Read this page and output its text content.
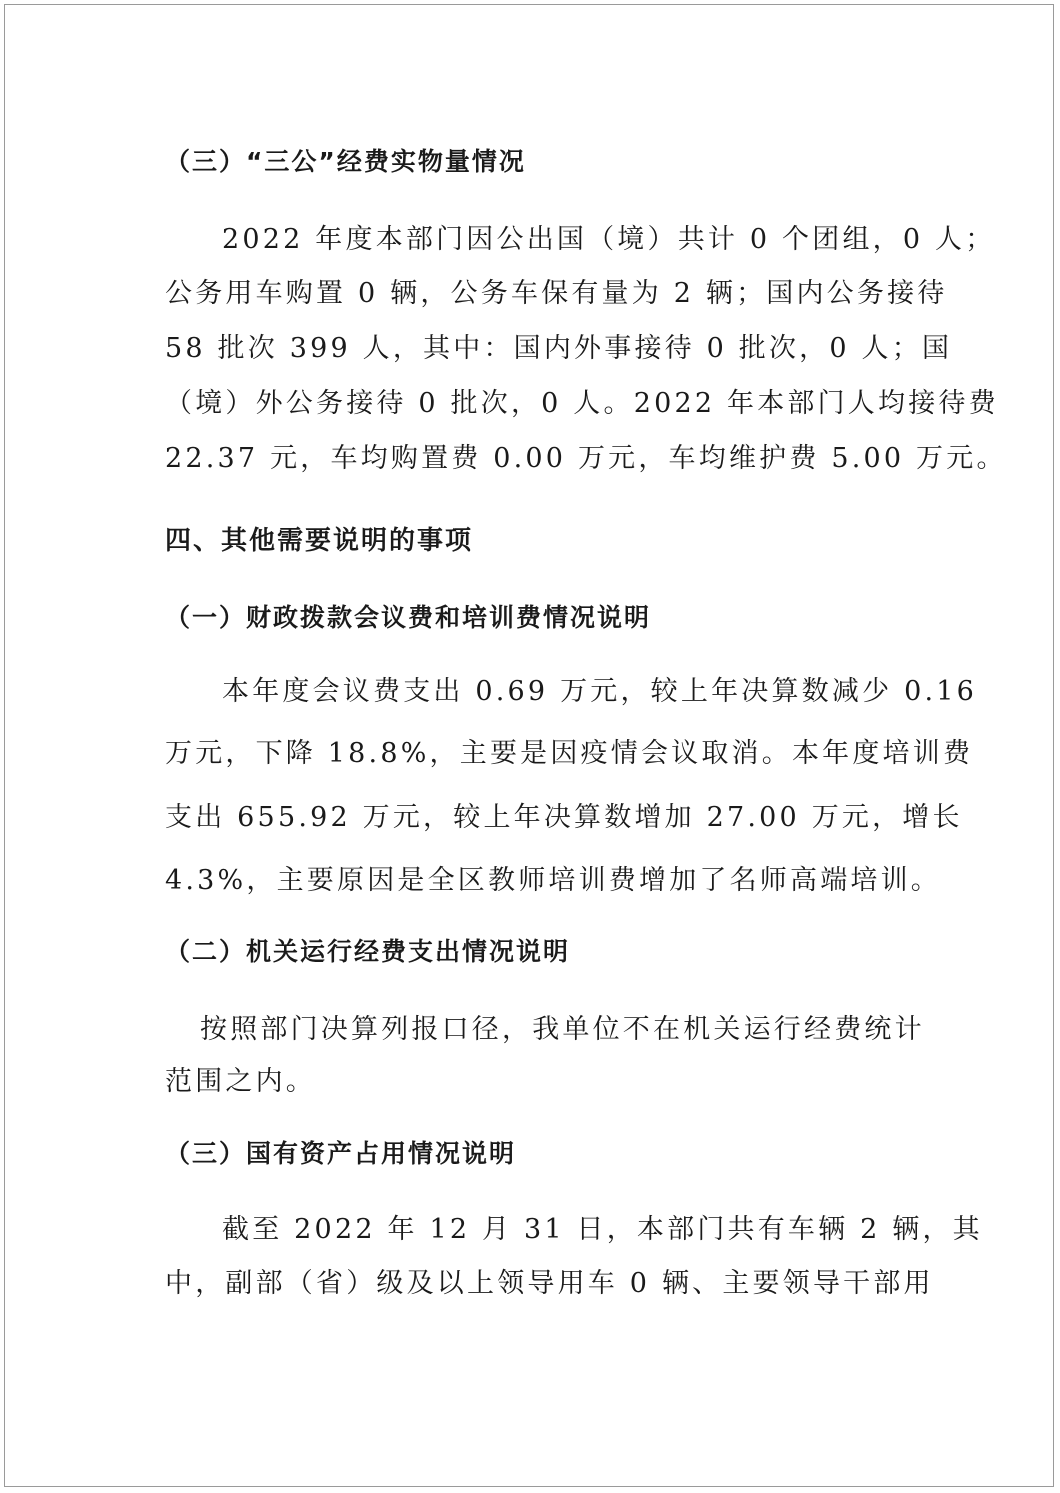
（三）“三公”经费实物量情况
2022 年度本部门因公出国（境）共计 0 个团组，0 人；
公务用车购置 0 辆，公务车保有量为 2 辆；国内公务接待
58 批次 399 人，其中：国内外事接待 0 批次，0 人；国
（境）外公务接待 0 批次，0 人。2022 年本部门人均接待费
22.37 元，车均购置费 0.00 万元，车均维护费 5.00 万元。
四、其他需要说明的事项
（一）财政拨款会议费和培训费情况说明
本年度会议费支出 0.69 万元，较上年决算数减少 0.16
万元，下降 18.8%，主要是因疫情会议取消。本年度培训费
支出 655.92 万元，较上年决算数增加 27.00 万元，增长
4.3%，主要原因是全区教师培训费增加了名师高端培训。
（二）机关运行经费支出情况说明
按照部门决算列报口径，我单位不在机关运行经费统计
范围之内。
（三）国有资产占用情况说明
截至 2022 年 12 月 31 日，本部门共有车辆 2 辆，其
中，副部（省）级及以上领导用车 0 辆、主要领导干部用
